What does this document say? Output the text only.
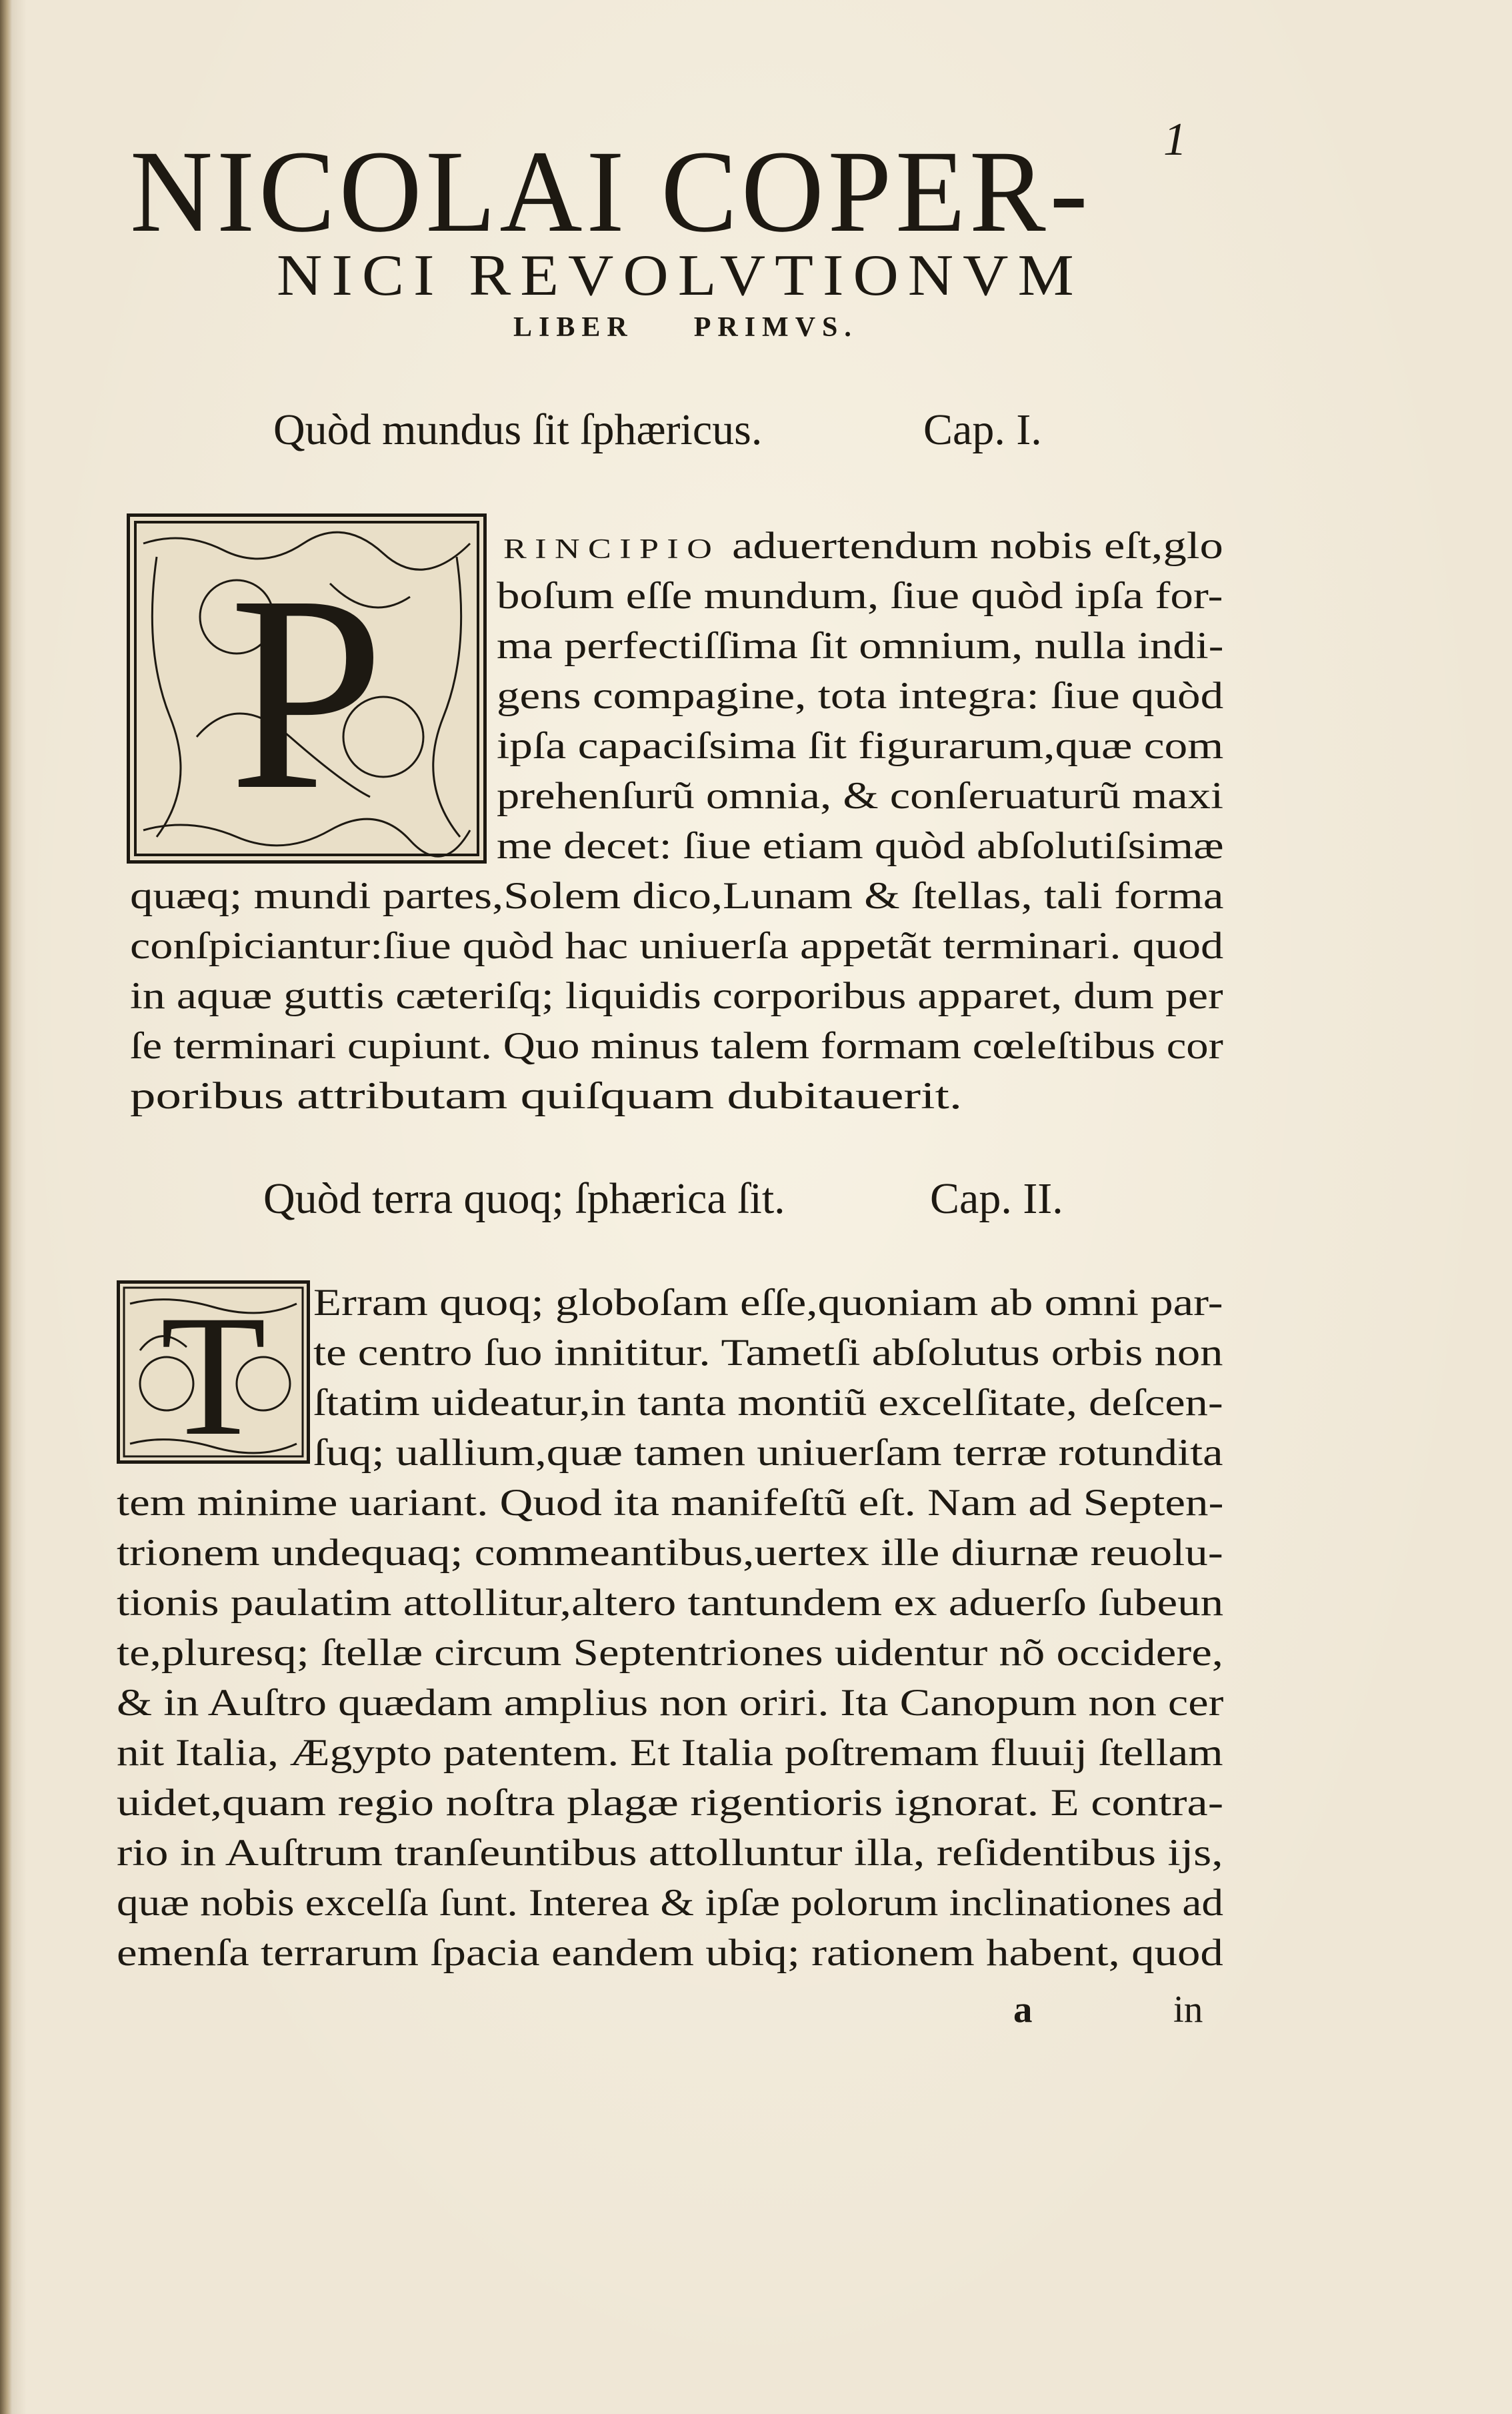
1
NICOLAI COPER-
NICI REVOLVTIONVM
LIBER PRIMVS.
Quòd mundus ſit ſphæricus.	Cap. I.
P	RINCIPIO aduertendum nobis eſt,glo
boſum eſſe mundum, ſiue quòd ipſa for-
ma perfectiſſima ſit omnium, nulla indi-
gens compagine, tota integra: ſiue quòd
ipſa capaciſsima ſit figurarum,quæ com
prehenſurũ omnia, & conſeruaturũ maxi
me decet: ſiue etiam quòd abſolutiſsimæ
quæq; mundi partes,Solem dico,Lunam & ſtellas, tali forma
conſpiciantur:ſiue quòd hac uniuerſa appetãt terminari. quod
in aquæ guttis cæteriſq; liquidis corporibus apparet, dum per
ſe terminari cupiunt. Quo minus talem formam cœleſtibus cor
poribus attributam quiſquam dubitauerit.
Quòd terra quoq; ſphærica ſit.	Cap. II.
T Erram quoq; globoſam eſſe,quoniam ab omni par-
te centro ſuo innititur. Tametſi abſolutus orbis non
ſtatim uideatur,in tanta montiũ excelſitate, deſcen-
ſuq; uallium,quæ tamen uniuerſam terræ rotundita
tem minime uariant. Quod ita manifeſtũ eſt. Nam ad Septen-
trionem undequaq; commeantibus,uertex ille diurnæ reuolu-
tionis paulatim attollitur,altero tantundem ex aduerſo ſubeun
te,pluresq; ſtellæ circum Septentriones uidentur nõ occidere,
& in Auſtro quædam amplius non oriri. Ita Canopum non cer
nit Italia, Ægypto patentem. Et Italia poſtremam fluuij ſtellam
uidet,quam regio noſtra plagæ rigentioris ignorat. E contra-
rio in Auſtrum tranſeuntibus attolluntur illa, reſidentibus ijs,
quæ nobis excelſa ſunt. Interea & ipſæ polorum inclinationes ad
emenſa terrarum ſpacia eandem ubiq; rationem habent, quod
a	in
